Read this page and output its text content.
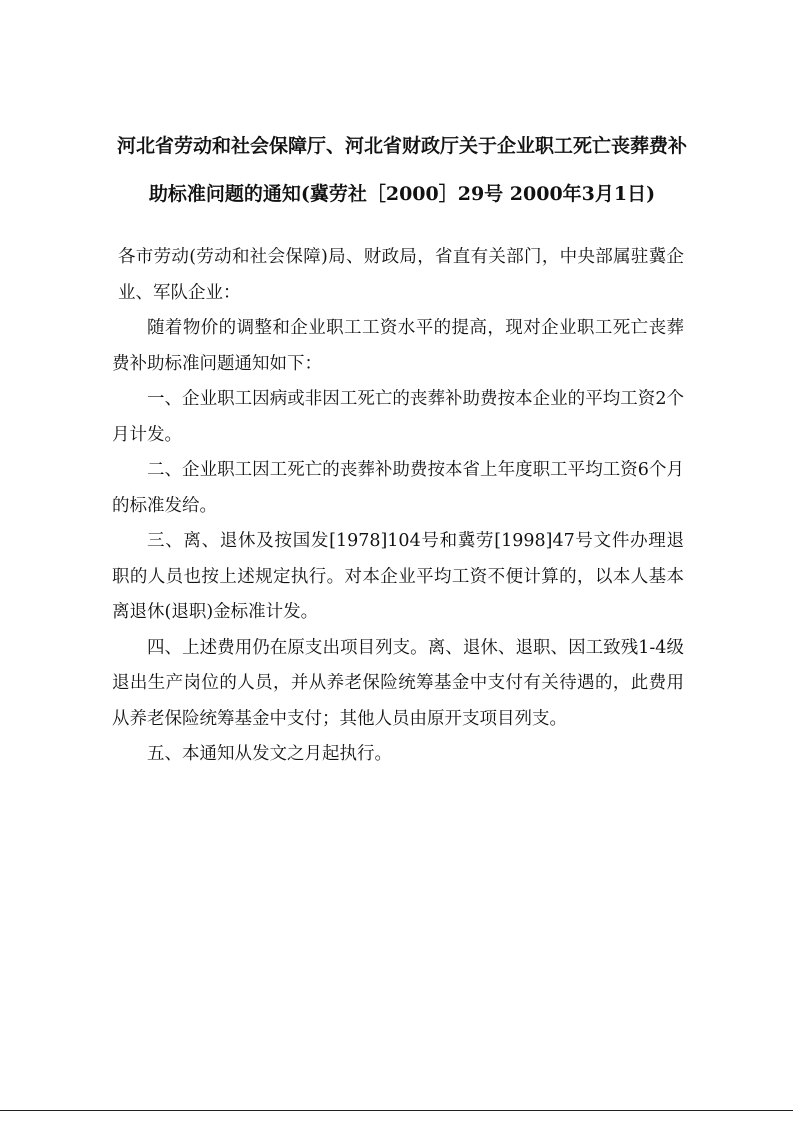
河北省劳动和社会保障厅、河北省财政厅关于企业职工死亡丧葬费补
助标准问题的通知(冀劳社［2000］29号 2000年3月1日)

各市劳动(劳动和社会保障)局、财政局，省直有关部门，中央部属驻冀企业、军队企业：

随着物价的调整和企业职工工资水平的提高，现对企业职工死亡丧葬费补助标准问题通知如下：

一、企业职工因病或非因工死亡的丧葬补助费按本企业的平均工资2个月计发。

二、企业职工因工死亡的丧葬补助费按本省上年度职工平均工资6个月的标准发给。

三、离、退休及按国发[1978]104号和冀劳[1998]47号文件办理退职的人员也按上述规定执行。对本企业平均工资不便计算的，以本人基本离退休(退职)金标准计发。

四、上述费用仍在原支出项目列支。离、退休、退职、因工致残1-4级退出生产岗位的人员，并从养老保险统筹基金中支付有关待遇的，此费用从养老保险统筹基金中支付；其他人员由原开支项目列支。

五、本通知从发文之月起执行。
